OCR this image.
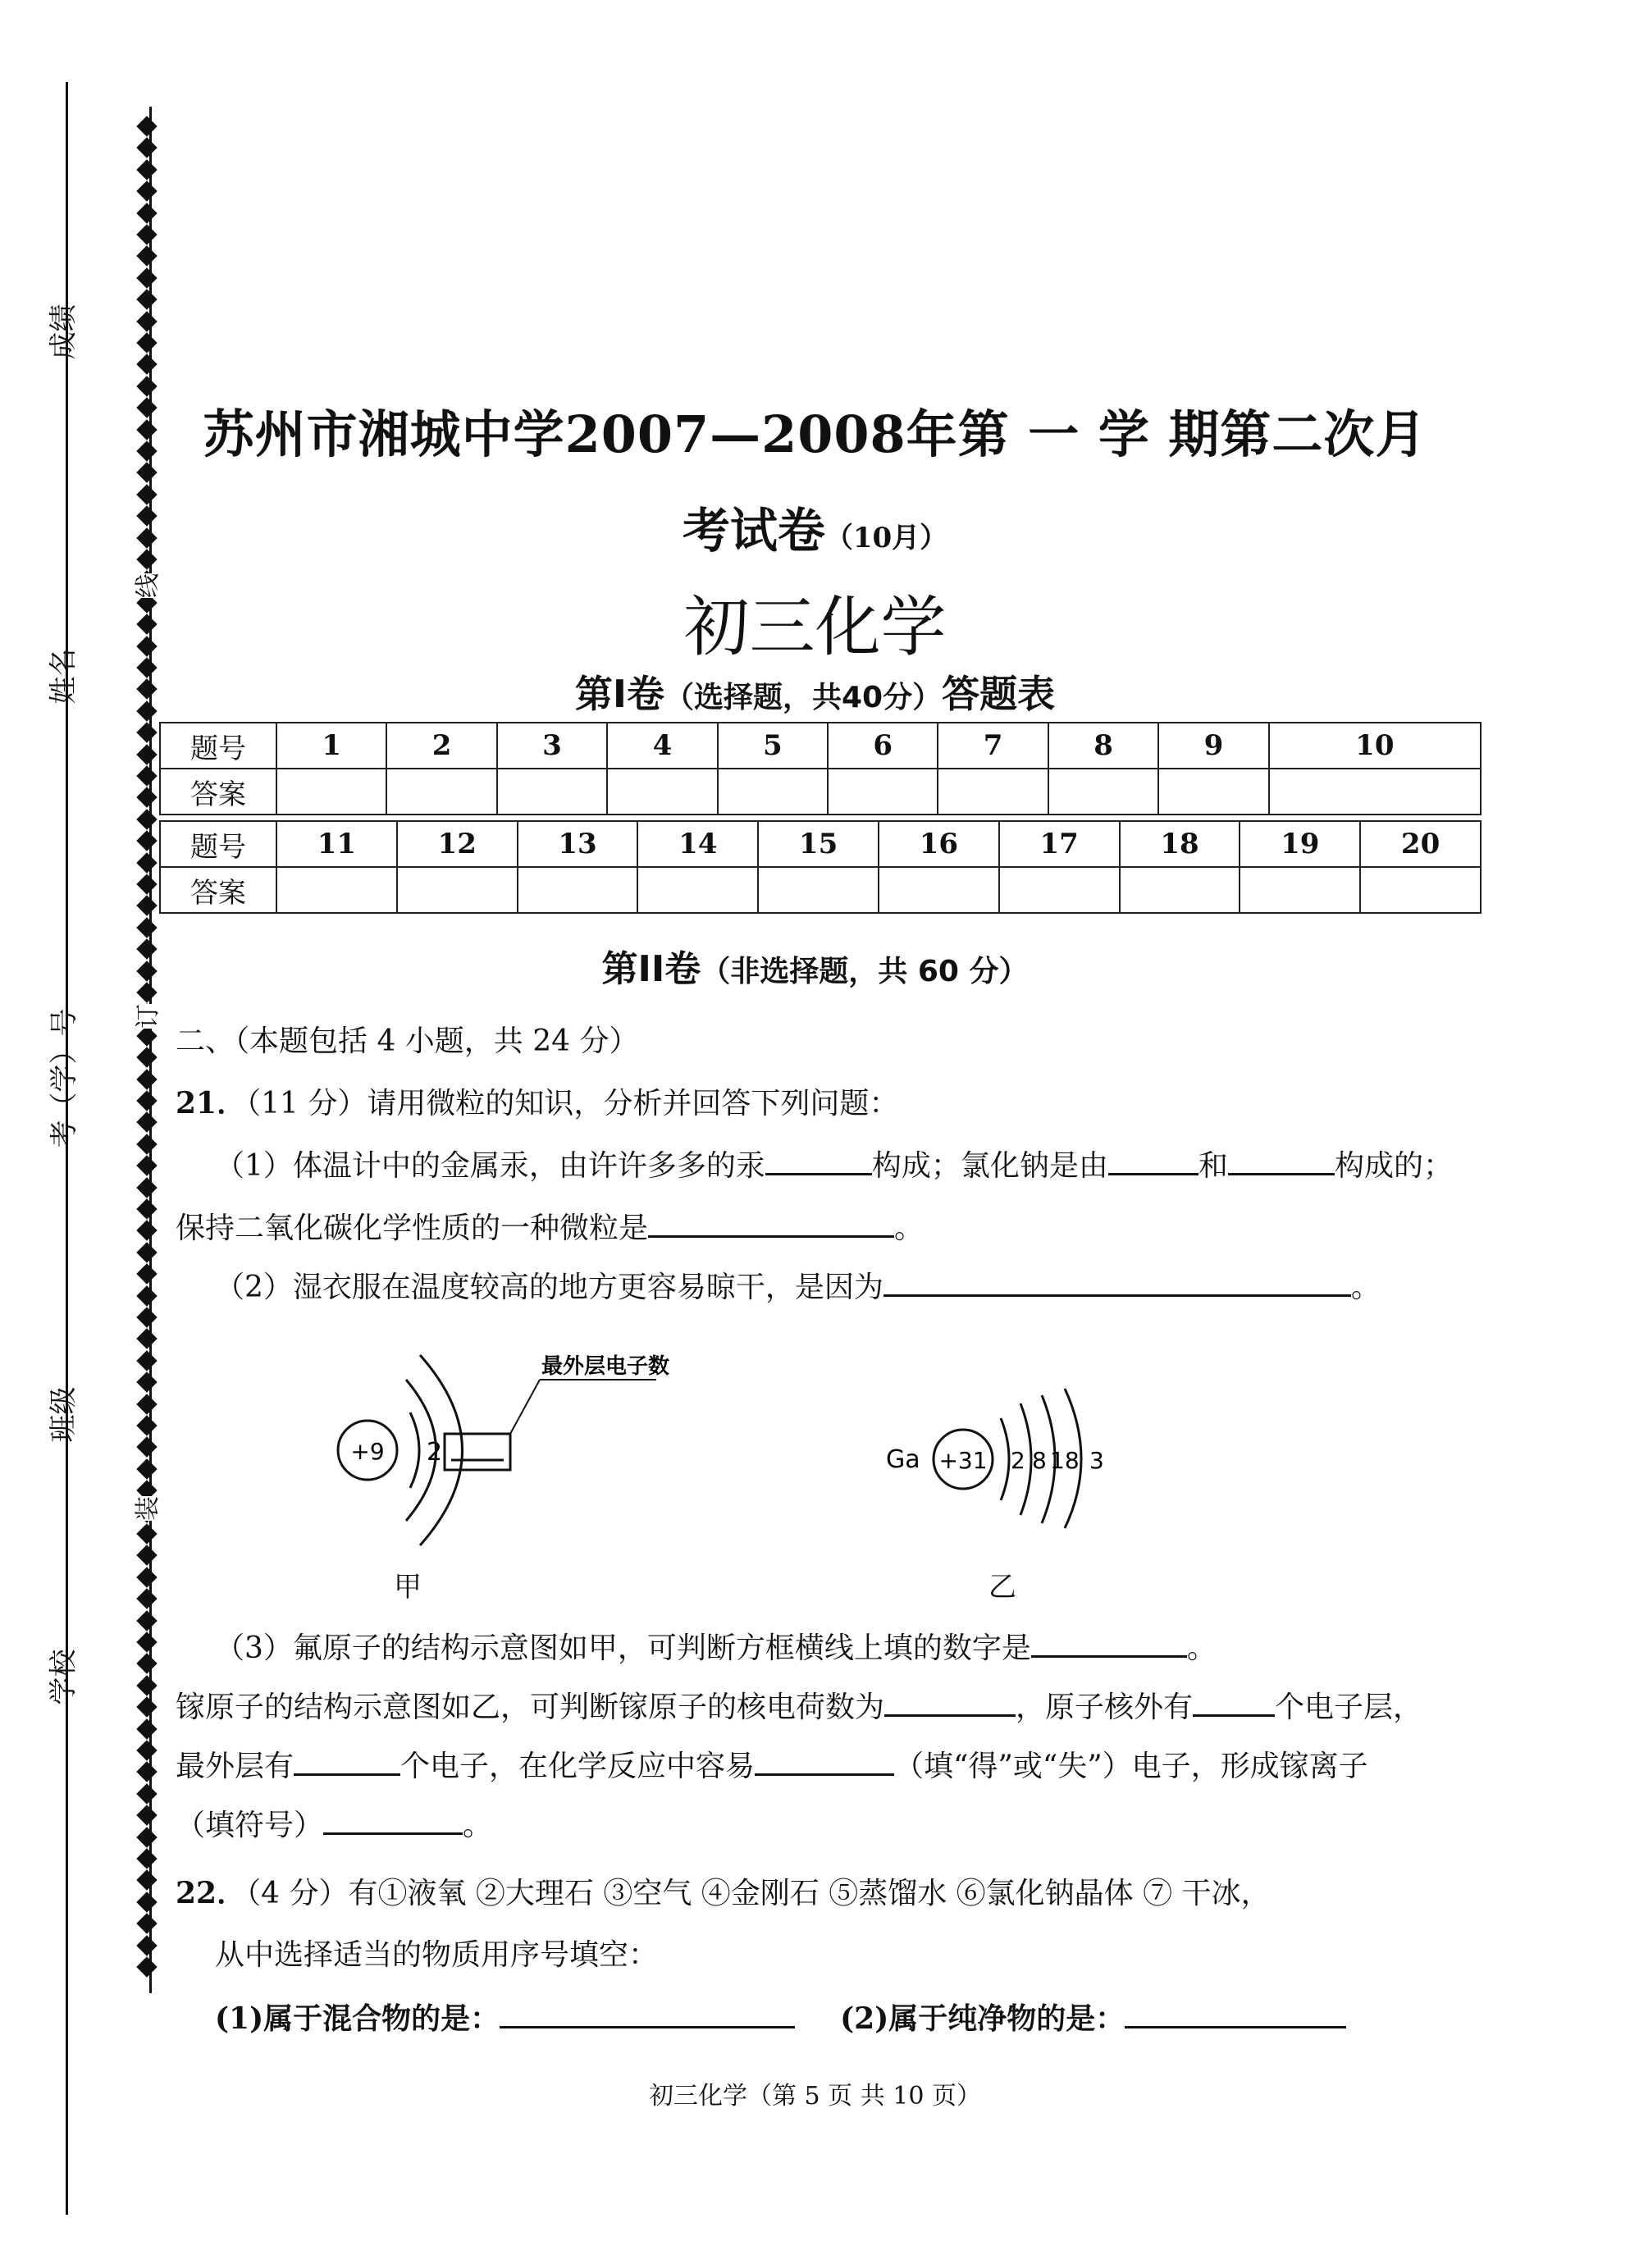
成绩
姓名
考（学）号
班级
学校
线
订
装
苏州市湘城中学2007—2008年第 一 学 期第二次月
考试卷（10月）
初三化学
第Ⅰ卷（选择题，共40分）答题表
题号	1	2	3	4	5	6	7	8	9	10
答案										
题号	11	12	13	14	15	16	17	18	19	20
答案										
第II卷（非选择题，共 60 分）
二、（本题包括 4 小题，共 24 分）
21．（11 分）请用微粒的知识，分析并回答下列问题：
（1）体温计中的金属汞，由许许多多的汞	构成；氯化钠是由	和	构成的；
保持二氧化碳化学性质的一种微粒是	。
（2）湿衣服在温度较高的地方更容易晾干，是因为	。
+9 2
最外层电子数
甲
Ga +31 2 8 18 3
乙
（3）氟原子的结构示意图如甲，可判断方框横线上填的数字是	。
镓原子的结构示意图如乙，可判断镓原子的核电荷数为	，原子核外有	个电子层，
最外层有	个电子，在化学反应中容易	（填“得”或“失”）电子，形成镓离子
（填符号）	。
22．（4 分）有①液氧 ②大理石 ③空气 ④金刚石 ⑤蒸馏水 ⑥氯化钠晶体 ⑦ 干冰，
从中选择适当的物质用序号填空：
(1)属于混合物的是：	(2)属于纯净物的是：
初三化学（第 5 页 共 10 页）
